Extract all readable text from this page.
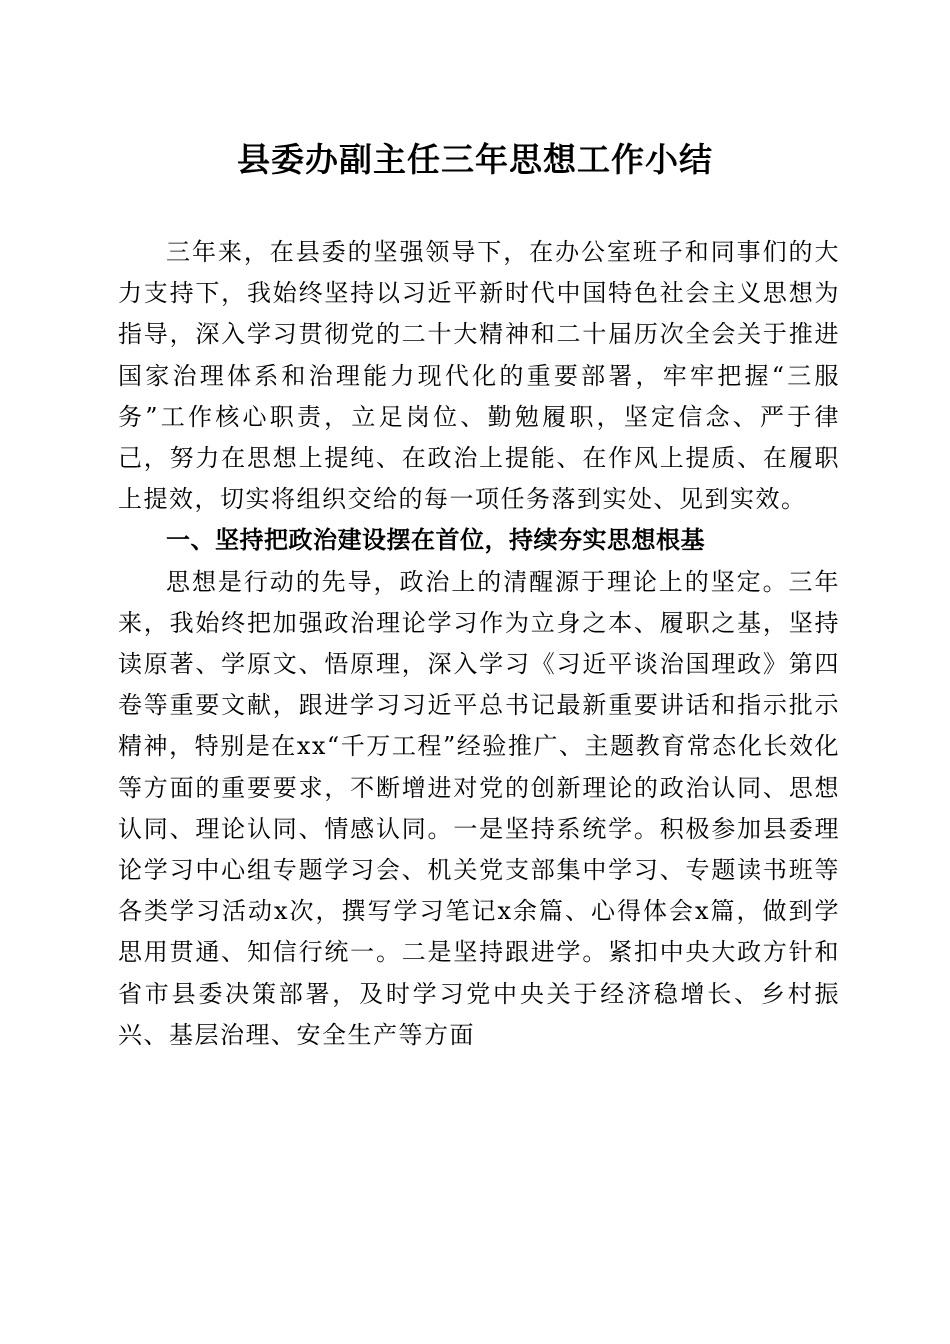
县委办副主任三年思想工作小结

三年来，在县委的坚强领导下，在办公室班子和同事们的大力支持下，我始终坚持以习近平新时代中国特色社会主义思想为指导，深入学习贯彻党的二十大精神和二十届历次全会关于推进国家治理体系和治理能力现代化的重要部署，牢牢把握“三服务”工作核心职责，立足岗位、勤勉履职，坚定信念、严于律己，努力在思想上提纯、在政治上提能、在作风上提质、在履职上提效，切实将组织交给的每一项任务落到实处、见到实效。

一、坚持把政治建设摆在首位，持续夯实思想根基

思想是行动的先导，政治上的清醒源于理论上的坚定。三年来，我始终把加强政治理论学习作为立身之本、履职之基，坚持读原著、学原文、悟原理，深入学习《习近平谈治国理政》第四卷等重要文献，跟进学习习近平总书记最新重要讲话和指示批示精神，特别是在xx“千万工程”经验推广、主题教育常态化长效化等方面的重要要求，不断增进对党的创新理论的政治认同、思想认同、理论认同、情感认同。一是坚持系统学。积极参加县委理论学习中心组专题学习会、机关党支部集中学习、专题读书班等各类学习活动x次，撰写学习笔记x余篇、心得体会x篇，做到学思用贯通、知信行统一。二是坚持跟进学。紧扣中央大政方针和省市县委决策部署，及时学习党中央关于经济稳增长、乡村振兴、基层治理、安全生产等方面
